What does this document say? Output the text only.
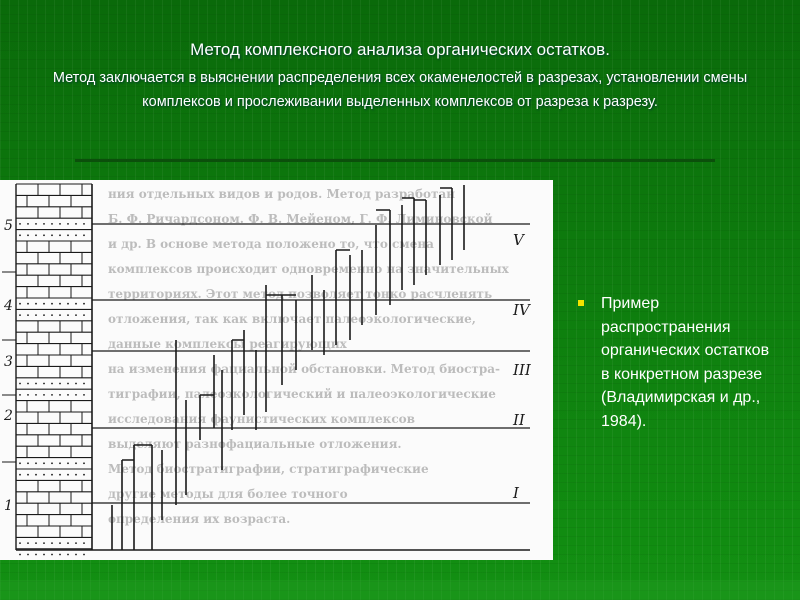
Метод комплексного анализа органических остатков.
Метод заключается в выяснении распределения всех окаменелостей в разрезах, установлении смены комплексов и прослеживании выделенных комплексов от разреза к разрезу.
ния отдельных видов и родов. Метод разработан
Б. Ф. Ричардсоном. Ф. В. Мейеном, Г. Ф. Лиминовской
и др. В основе метода положено то, что смена
комплексов происходит одновременно на значительных
территориях. Этот метод позволяет тонко расчленять
отложения, так как включает палеоэкологические,
данные комплексы реагирующих
на изменения фациальной обстановки. Метод биостра-
тиграфии, палеоэкологический и палеоэкологические
исследования фаунистических комплексов
выделяют разнофациальные отложения.
Метод биостратиграфии, стратиграфические
другие методы для более точного
определения их возраста.
1
2
3
4
5
I
II
III
IV
V
Пример распространения органических остатков в конкретном разрезе (Владимирская и др., 1984).
